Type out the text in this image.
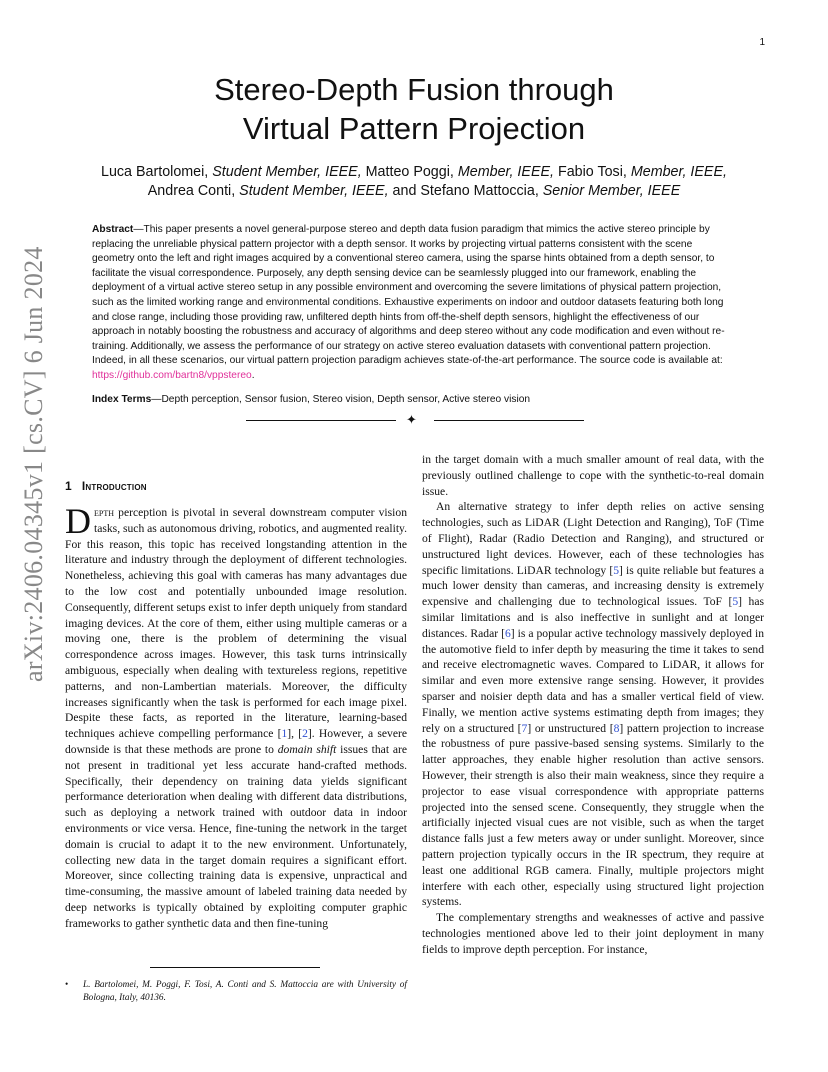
1
arXiv:2406.04345v1 [cs.CV] 6 Jun 2024
Stereo-Depth Fusion through
Virtual Pattern Projection
Luca Bartolomei, Student Member, IEEE, Matteo Poggi, Member, IEEE, Fabio Tosi, Member, IEEE,
Andrea Conti, Student Member, IEEE, and Stefano Mattoccia, Senior Member, IEEE
Abstract—This paper presents a novel general-purpose stereo and depth data fusion paradigm that mimics the active stereo principle by replacing the unreliable physical pattern projector with a depth sensor. It works by projecting virtual patterns consistent with the scene geometry onto the left and right images acquired by a conventional stereo camera, using the sparse hints obtained from a depth sensor, to facilitate the visual correspondence. Purposely, any depth sensing device can be seamlessly plugged into our framework, enabling the deployment of a virtual active stereo setup in any possible environment and overcoming the severe limitations of physical pattern projection, such as the limited working range and environmental conditions. Exhaustive experiments on indoor and outdoor datasets featuring both long and close range, including those providing raw, unfiltered depth hints from off-the-shelf depth sensors, highlight the effectiveness of our approach in notably boosting the robustness and accuracy of algorithms and deep stereo without any code modification and even without re-training. Additionally, we assess the performance of our strategy on active stereo evaluation datasets with conventional pattern projection. Indeed, in all these scenarios, our virtual pattern projection paradigm achieves state-of-the-art performance. The source code is available at: https://github.com/bartn8/vppstereo.
Index Terms—Depth perception, Sensor fusion, Stereo vision, Depth sensor, Active stereo vision
✦
1 Introduction

Depth perception is pivotal in several downstream computer vision tasks, such as autonomous driving, robotics, and augmented reality. For this reason, this topic has received longstanding attention in the literature and industry through the deployment of different technologies. Nonetheless, achieving this goal with cameras has many advantages due to the low cost and potentially unbounded image resolution. Consequently, different setups exist to infer depth uniquely from standard imaging devices. At the core of them, either using multiple cameras or a moving one, there is the problem of determining the visual correspondence across images. However, this task turns intrinsically ambiguous, especially when dealing with textureless regions, repetitive patterns, and non-Lambertian materials. Moreover, the difficulty increases significantly when the task is performed for each image pixel. Despite these facts, as reported in the literature, learning-based techniques achieve compelling performance [1], [2]. However, a severe downside is that these methods are prone to domain shift issues that are not present in traditional yet less accurate hand-crafted methods. Specifically, their dependency on training data yields significant performance deterioration when dealing with different data distributions, such as deploying a network trained with outdoor data in indoor environments or vice versa. Hence, fine-tuning the network in the target domain is crucial to adapt it to the new environment. Unfortunately, collecting new data in the target domain requires a significant effort. Moreover, since collecting training data is expensive, unpractical and time-consuming, the massive amount of labeled training data needed by deep networks is typically obtained by exploiting computer graphic frameworks to gather synthetic data and then fine-tuning

in the target domain with a much smaller amount of real data, with the previously outlined challenge to cope with the synthetic-to-real domain issue.

An alternative strategy to infer depth relies on active sensing technologies, such as LiDAR (Light Detection and Ranging), ToF (Time of Flight), Radar (Radio Detection and Ranging), and structured or unstructured light devices. However, each of these technologies has specific limitations. LiDAR technology [5] is quite reliable but features a much lower density than cameras, and increasing density is extremely expensive and challenging due to technological issues. ToF [5] has similar limitations and is also ineffective in sunlight and at longer distances. Radar [6] is a popular active technology massively deployed in the automotive field to infer depth by measuring the time it takes to send and receive electromagnetic waves. Compared to LiDAR, it allows for similar and even more extensive range sensing. However, it provides sparser and noisier depth data and has a smaller vertical field of view. Finally, we mention active systems estimating depth from images; they rely on a structured [7] or unstructured [8] pattern projection to increase the robustness of pure passive-based sensing systems. Similarly to the latter approaches, they enable higher resolution than active sensors. However, their strength is also their main weakness, since they require a projector to ease visual correspondence with appropriate patterns projected into the sensed scene. Consequently, they struggle when the artificially injected visual cues are not visible, such as when the target distance falls just a few meters away or under sunlight. Moreover, since pattern projection typically occurs in the IR spectrum, they require at least one additional RGB camera. Finally, multiple projectors might interfere with each other, especially using structured light projection systems.

The complementary strengths and weaknesses of active and passive technologies mentioned above led to their joint deployment in many fields to improve depth perception. For instance,

• L. Bartolomei, M. Poggi, F. Tosi, A. Conti and S. Mattoccia are with University of Bologna, Italy, 40136.
